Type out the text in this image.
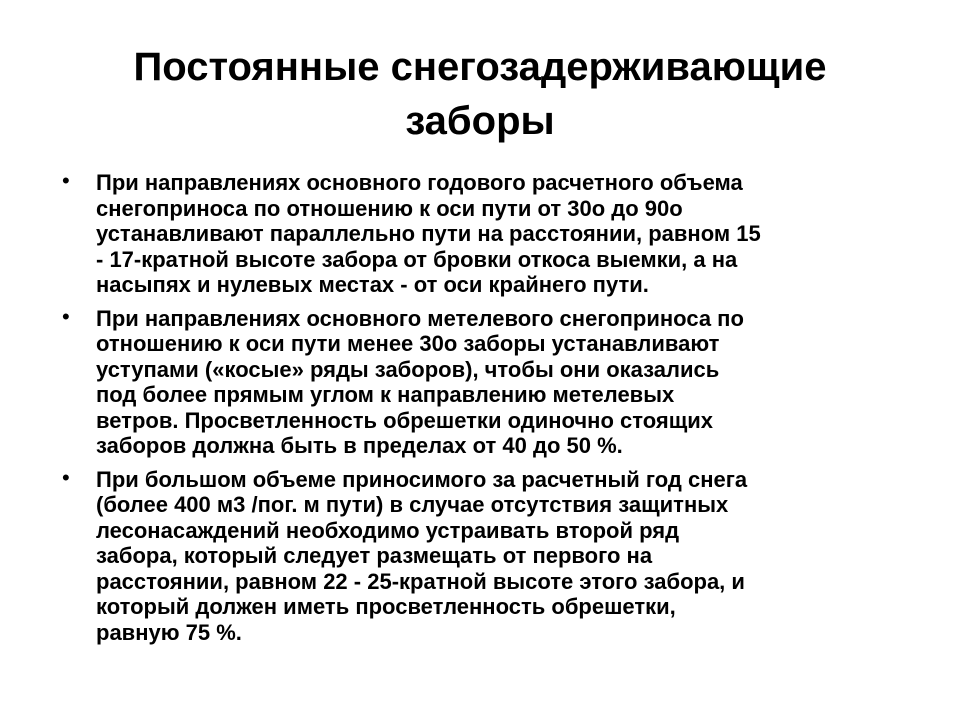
Постоянные снегозадерживающие
заборы
• При направлениях основного годового расчетного объема
снегоприноса по отношению к оси пути от 30о до 90о
устанавливают параллельно пути на расстоянии, равном 15
- 17-кратной высоте забора от бровки откоса выемки, а на
насыпях и нулевых местах - от оси крайнего пути.
• При направлениях основного метелевого снегоприноса по
отношению к оси пути менее 30о заборы устанавливают
уступами («косые» ряды заборов), чтобы они оказались
под более прямым углом к направлению метелевых
ветров. Просветленность обрешетки одиночно стоящих
заборов должна быть в пределах от 40 до 50 %.
• При большом объеме приносимого за расчетный год снега
(более 400 м3 /пог. м пути) в случае отсутствия защитных
лесонасаждений необходимо устраивать второй ряд
забора, который следует размещать от первого на
расстоянии, равном 22 - 25-кратной высоте этого забора, и
который должен иметь просветленность обрешетки,
равную 75 %.
